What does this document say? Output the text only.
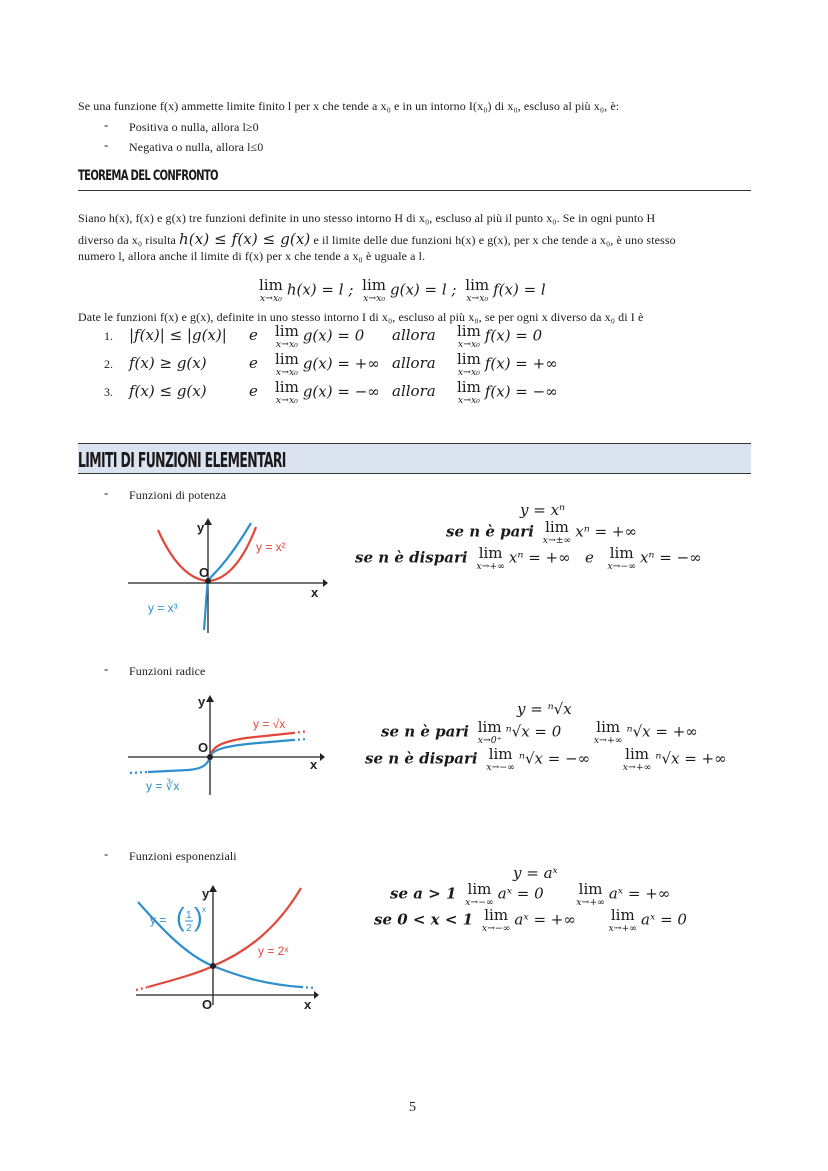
Se una funzione f(x) ammette limite finito l per x che tende a x₀ e in un intorno I(x₀) di x₀, escluso al più x₀, è:
- Positiva o nulla, allora l≥0
- Negativa o nulla, allora l≤0
TEOREMA DEL CONFRONTO
Siano h(x), f(x) e g(x) tre funzioni definite in uno stesso intorno H di x₀, escluso al più il punto x₀. Se in ogni punto H
diverso da x₀ risulta h(x) ≤ f(x) ≤ g(x) e il limite delle due funzioni h(x) e g(x), per x che tende a x₀, è uno stesso
numero l, allora anche il limite di f(x) per x che tende a x₀ è uguale a l.
lim
x→x₀ h(x) = l ; lim
x→x₀ g(x) = l ; lim
x→x₀ f(x) = l
Date le funzioni f(x) e g(x), definite in uno stesso intorno I di x₀, escluso al più x₀, se per ogni x diverso da x₀ di I è
1. |f(x)| ≤ |g(x)| e lim
x→x₀ g(x) = 0 allora lim
x→x₀ f(x) = 0
2. f(x) ≥ g(x)	e lim
x→x₀ g(x) = +∞ allora lim
x→x₀ f(x) = +∞
3. f(x) ≤ g(x)	e lim
x→x₀ g(x) = −∞ allora lim
x→x₀ f(x) = −∞
LIMITI DI FUNZIONI ELEMENTARI
- Funzioni di potenza
y
x
O
y = x²
y = x³
y = xⁿ
se n è pari lim
x→±∞ xⁿ = +∞
se n è dispari lim
x→+∞ xⁿ = +∞ e lim
x→−∞ xⁿ = −∞
- Funzioni radice
y
x
O
y = √x
y = ∛x
y = ⁿ√x
se n è pari lim
x→0⁺ ⁿ√x = 0 lim
x→+∞ ⁿ√x = +∞
se n è dispari lim
x→−∞ ⁿ√x = −∞ lim
x→+∞ ⁿ√x = +∞
- Funzioni esponenziali
y
x
O
y = 2ˣ
y = ( 1
2 ) x
y = aˣ
se a > 1 lim
x→−∞ aˣ = 0 lim
x→+∞ aˣ = +∞
se 0 < x < 1 lim
x→−∞ aˣ = +∞ lim
x→+∞ aˣ = 0
5
